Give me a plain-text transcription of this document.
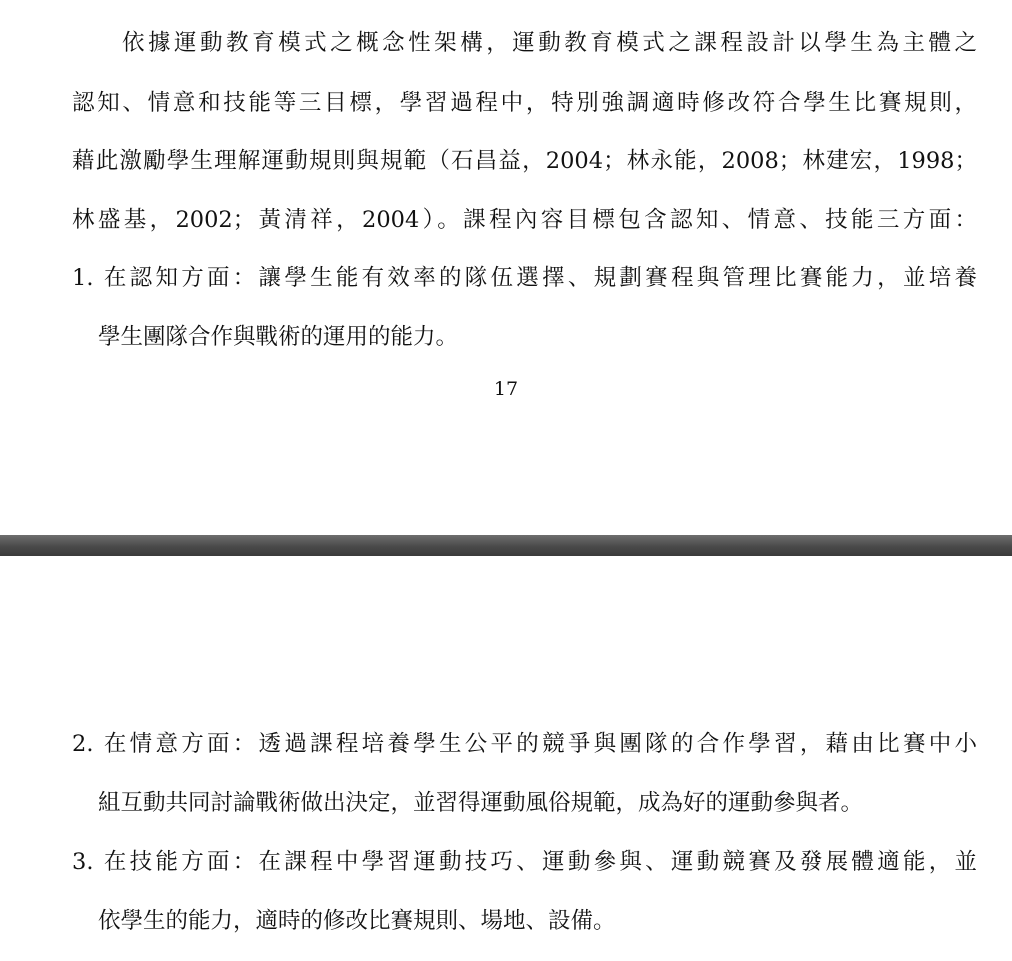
依據運動教育模式之概念性架構，運動教育模式之課程設計以學生為主體之
認知、情意和技能等三目標，學習過程中，特別強調適時修改符合學生比賽規則，
藉此激勵學生理解運動規則與規範（石昌益，2004；林永能，2008；林建宏，1998；
林盛基，2002；黃清祥，2004）。課程內容目標包含認知、情意、技能三方面：
1. 在認知方面：讓學生能有效率的隊伍選擇、規劃賽程與管理比賽能力，並培養
學生團隊合作與戰術的運用的能力。
17
2. 在情意方面：透過課程培養學生公平的競爭與團隊的合作學習，藉由比賽中小
組互動共同討論戰術做出決定，並習得運動風俗規範，成為好的運動參與者。
3. 在技能方面：在課程中學習運動技巧、運動參與、運動競賽及發展體適能，並
依學生的能力，適時的修改比賽規則、場地、設備。
